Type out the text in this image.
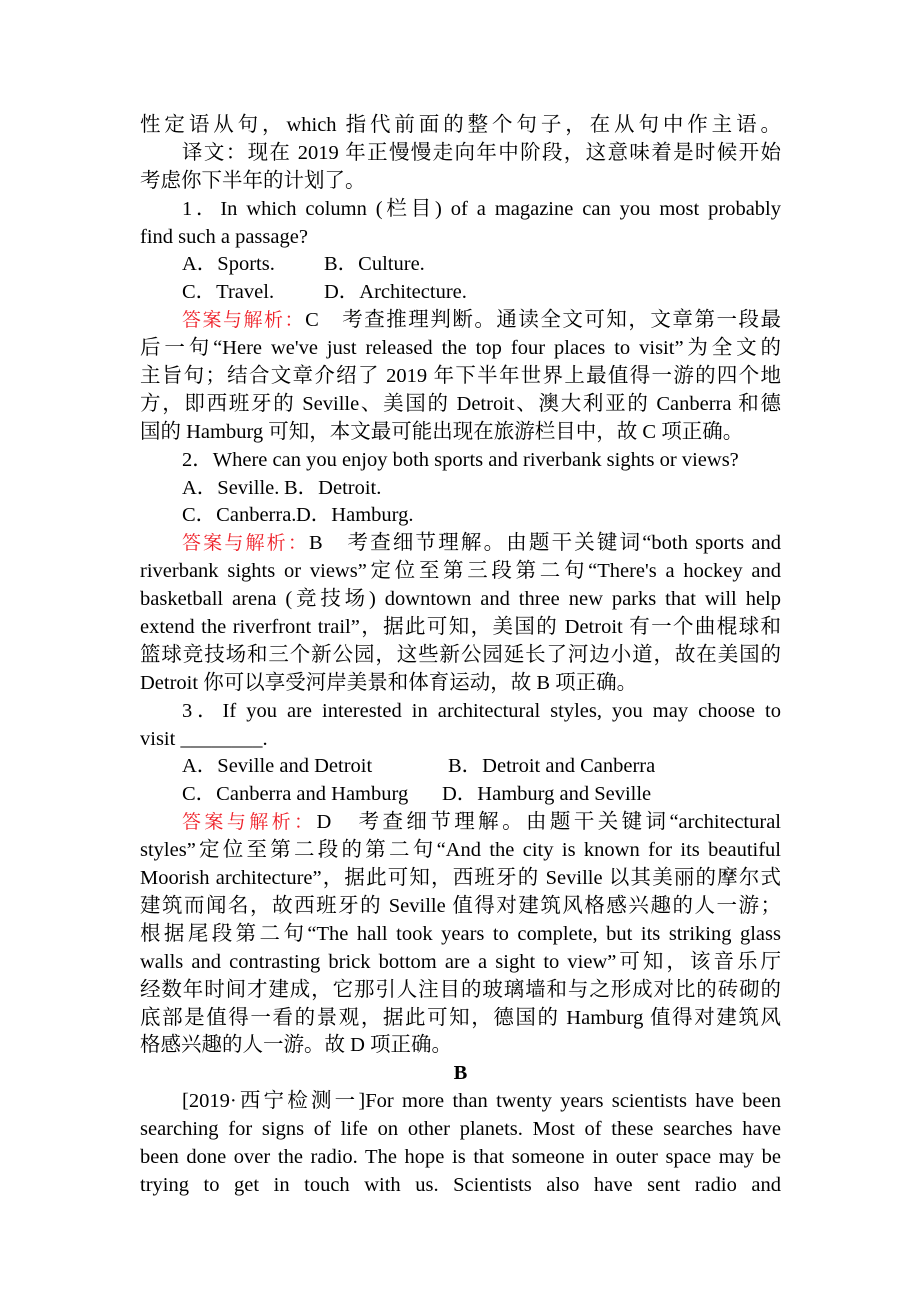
性定语从句，which 指代前面的整个句子，在从句中作主语。
译文：现在 2019 年正慢慢走向年中阶段，这意味着是时候开始
考虑你下半年的计划了。
1．In which column (栏目) of a magazine can you most probably
find such a passage?
A．Sports. B．Culture.
C．Travel. D．Architecture.
答案与解析：C　考查推理判断。通读全文可知，文章第一段最
后一句“Here we've just released the top four places to visit”为全文的
主旨句；结合文章介绍了 2019 年下半年世界上最值得一游的四个地
方，即西班牙的 Seville、美国的 Detroit、澳大利亚的 Canberra 和德
国的 Hamburg 可知，本文最可能出现在旅游栏目中，故 C 项正确。
2．Where can you enjoy both sports and riverbank sights or views?
A．Seville. B．Detroit.
C．Canberra.D．Hamburg.
答案与解析：B　考查细节理解。由题干关键词“both sports and
riverbank sights or views”定位至第三段第二句“There's a hockey and
basketball arena (竞技场) downtown and three new parks that will help
extend the riverfront trail”，据此可知，美国的 Detroit 有一个曲棍球和
篮球竞技场和三个新公园，这些新公园延长了河边小道，故在美国的
Detroit 你可以享受河岸美景和体育运动，故 B 项正确。
3．If you are interested in architectural styles, you may choose to
visit ________.
A．Seville and Detroit	B．Detroit and Canberra
C．Canberra and Hamburg D．Hamburg and Seville
答案与解析：D　考查细节理解。由题干关键词“architectural
styles”定位至第二段的第二句“And the city is known for its beautiful
Moorish architecture”，据此可知，西班牙的 Seville 以其美丽的摩尔式
建筑而闻名，故西班牙的 Seville 值得对建筑风格感兴趣的人一游；
根据尾段第二句“The hall took years to complete, but its striking glass
walls and contrasting brick bottom are a sight to view”可知，该音乐厅
经数年时间才建成，它那引人注目的玻璃墙和与之形成对比的砖砌的
底部是值得一看的景观，据此可知，德国的 Hamburg 值得对建筑风
格感兴趣的人一游。故 D 项正确。
B
[2019·西宁检测一]For more than twenty years scientists have been
searching for signs of life on other planets. Most of these searches have
been done over the radio. The hope is that someone in outer space may be
trying to get in touch with us. Scientists also have sent radio and
